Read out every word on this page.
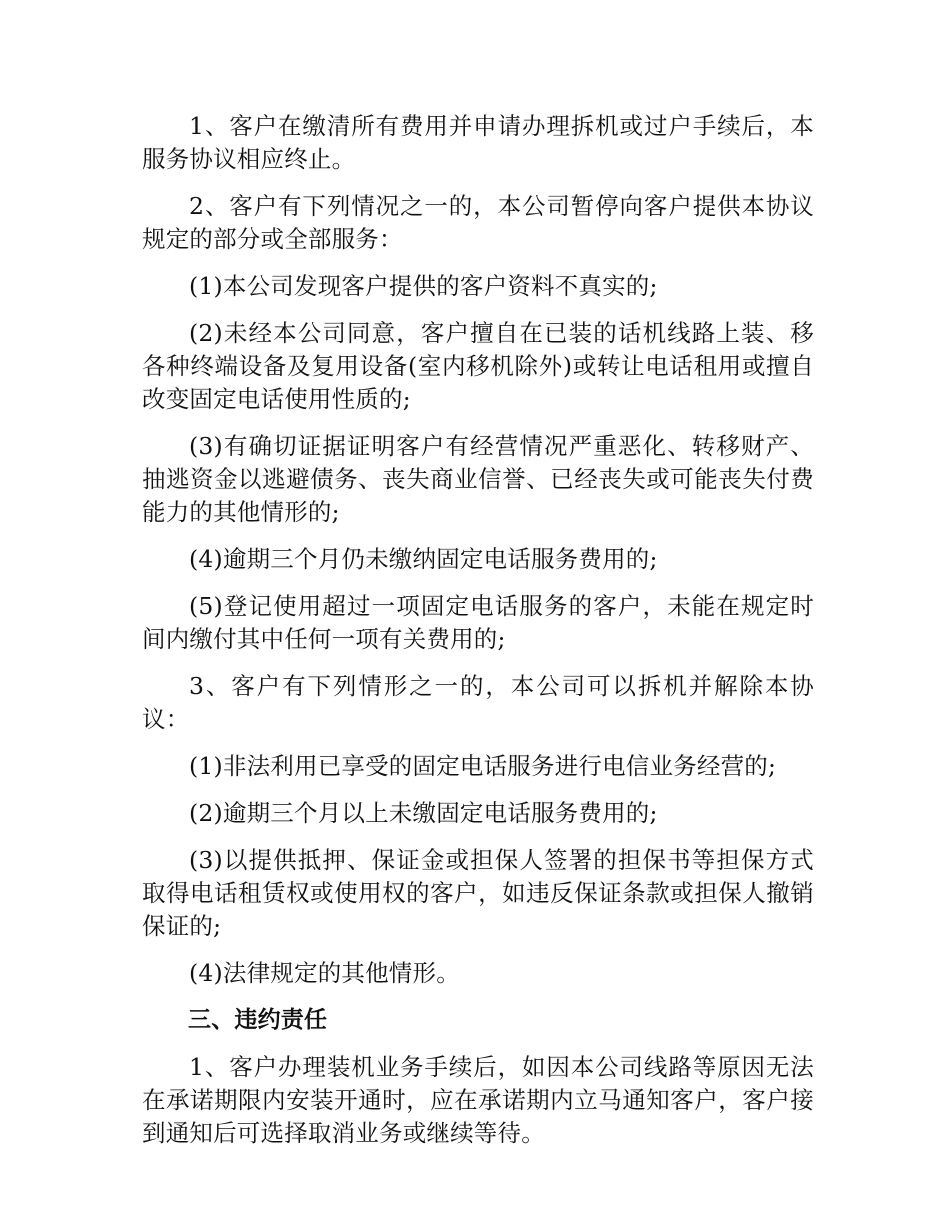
1、客户在缴清所有费用并申请办理拆机或过户手续后，本服务协议相应终止。

2、客户有下列情况之一的，本公司暂停向客户提供本协议规定的部分或全部服务：

(1)本公司发现客户提供的客户资料不真实的;

(2)未经本公司同意，客户擅自在已装的话机线路上装、移各种终端设备及复用设备(室内移机除外)或转让电话租用或擅自改变固定电话使用性质的;

(3)有确切证据证明客户有经营情况严重恶化、转移财产、抽逃资金以逃避债务、丧失商业信誉、已经丧失或可能丧失付费能力的其他情形的;

(4)逾期三个月仍未缴纳固定电话服务费用的;

(5)登记使用超过一项固定电话服务的客户，未能在规定时间内缴付其中任何一项有关费用的;

3、客户有下列情形之一的，本公司可以拆机并解除本协议：

(1)非法利用已享受的固定电话服务进行电信业务经营的;

(2)逾期三个月以上未缴固定电话服务费用的;

(3)以提供抵押、保证金或担保人签署的担保书等担保方式取得电话租赁权或使用权的客户，如违反保证条款或担保人撤销保证的;

(4)法律规定的其他情形。

三、违约责任

1、客户办理装机业务手续后，如因本公司线路等原因无法在承诺期限内安装开通时，应在承诺期内立马通知客户，客户接到通知后可选择取消业务或继续等待。
